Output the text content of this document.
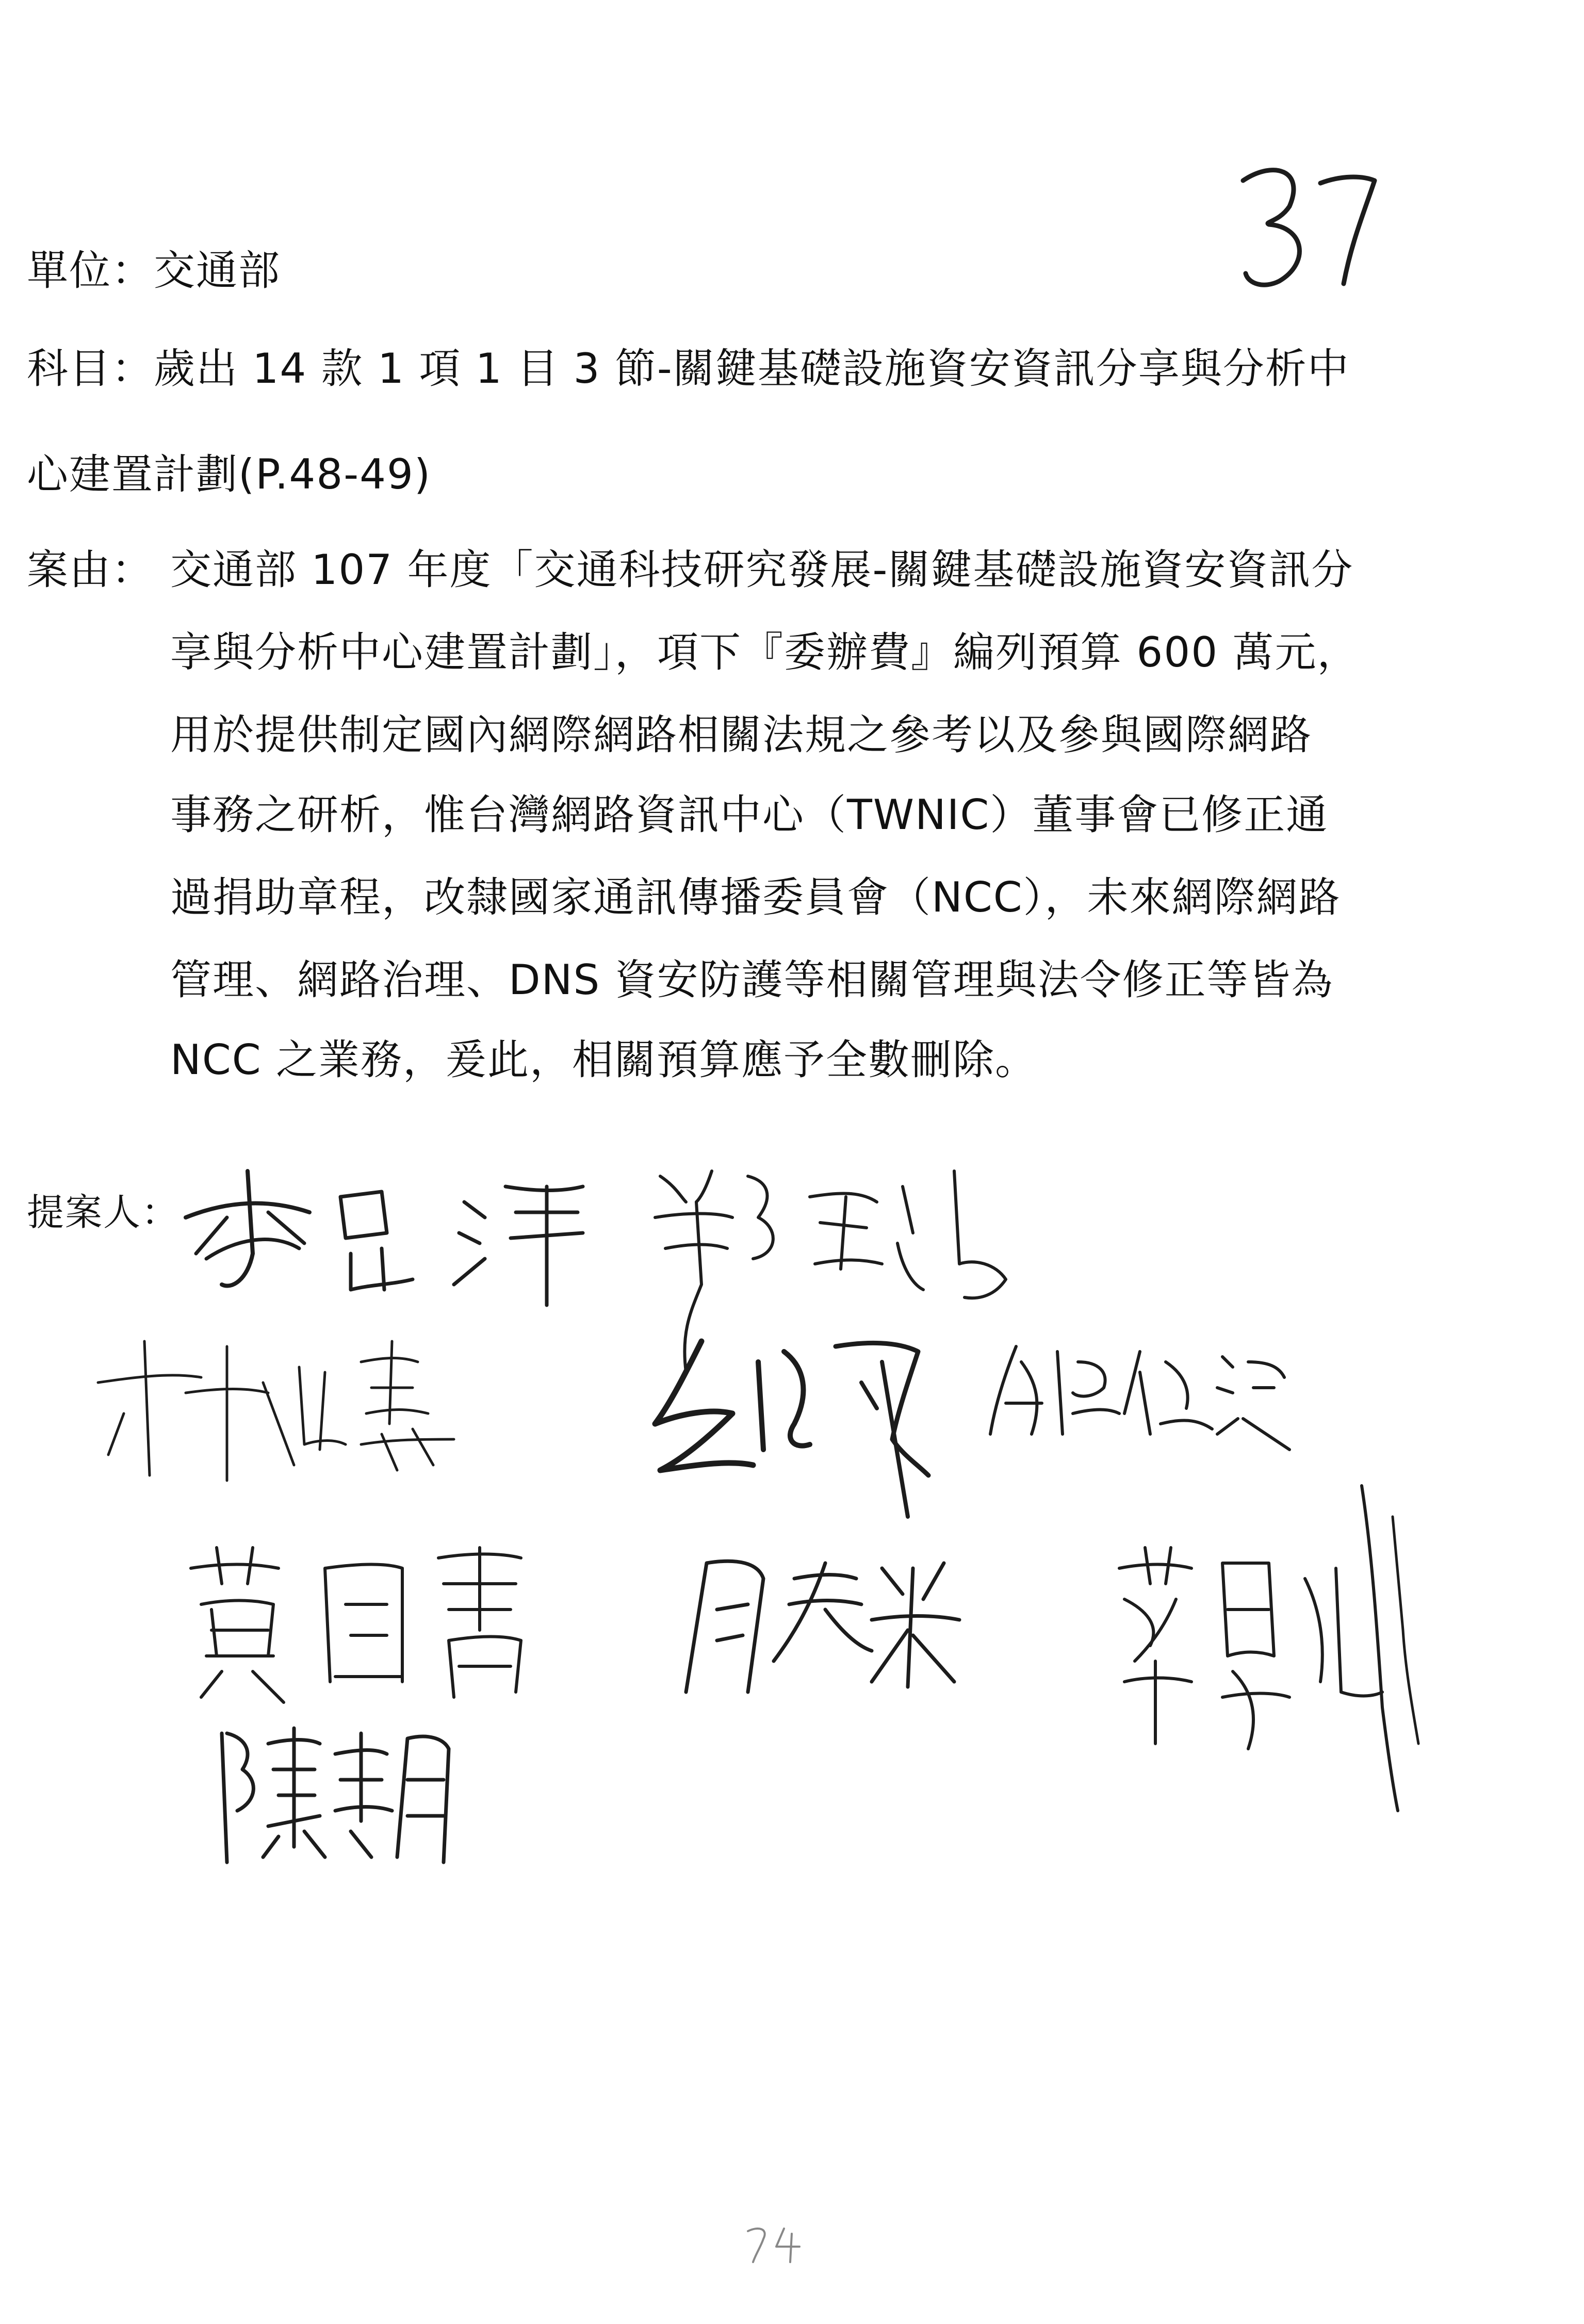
單位：交通部
科目：歲出 14 款 1 項 1 目 3 節-關鍵基礎設施資安資訊分享與分析中
心建置計劃(P.48-49)
案由： 交通部 107 年度「交通科技研究發展-關鍵基礎設施資安資訊分
享與分析中心建置計劃」，項下『委辦費』編列預算 600 萬元，
用於提供制定國內網際網路相關法規之參考以及參與國際網路
事務之研析，惟台灣網路資訊中心（TWNIC）董事會已修正通
過捐助章程，改隸國家通訊傳播委員會（NCC），未來網際網路
管理、網路治理、DNS 資安防護等相關管理與法令修正等皆為
NCC 之業務，爰此，相關預算應予全數刪除。
提案人：
